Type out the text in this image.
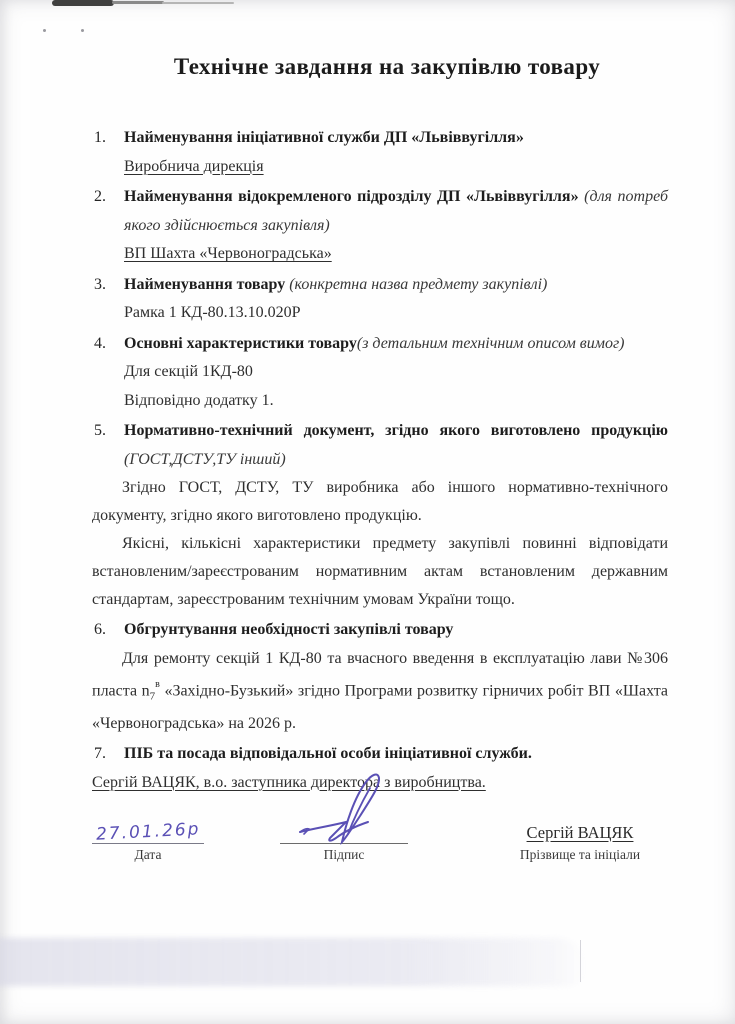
Технічне завдання на закупівлю товару
1. Найменування ініціативної служби ДП «Львіввугілля»
Виробнича дирекція
2. Найменування відокремленого підрозділу ДП «Львіввугілля» (для потреб якого здійснюється закупівля)
ВП Шахта «Червоноградська»
3. Найменування товару (конкретна назва предмету закупівлі)
Рамка 1 КД-80.13.10.020Р
4. Основні характеристики товару(з детальним технічним описом вимог)
Для секцій 1КД-80
Відповідно додатку 1.
5. Нормативно-технічний документ, згідно якого виготовлено продукцію (ГОСТ,ДСТУ,ТУ інший)

Згідно ГОСТ, ДСТУ, ТУ виробника або іншого нормативно-технічного документу, згідно якого виготовлено продукцію.

Якісні, кількісні характеристики предмету закупівлі повинні відповідати встановленим/зареєстрованим нормативним актам встановленим державним стандартам, зареєстрованим технічним умовам України тощо.

6. Обгрунтування необхідності закупівлі товару

Для ремонту секцій 1 КД-80 та вчасного введення в експлуатацію лави №306 пласта $n_7^в$ «Західно-Бузький» згідно Програми розвитку гірничих робіт ВП «Шахта «Червоноградська» на 2026 р.

7. ПІБ та посада відповідальної особи ініціативної служби.
Сергій ВАЦЯК, в.о. заступника директора з виробництва.
27.01.26р
Дата	Підпис
Сергій ВАЦЯК
Прізвище та ініціали
